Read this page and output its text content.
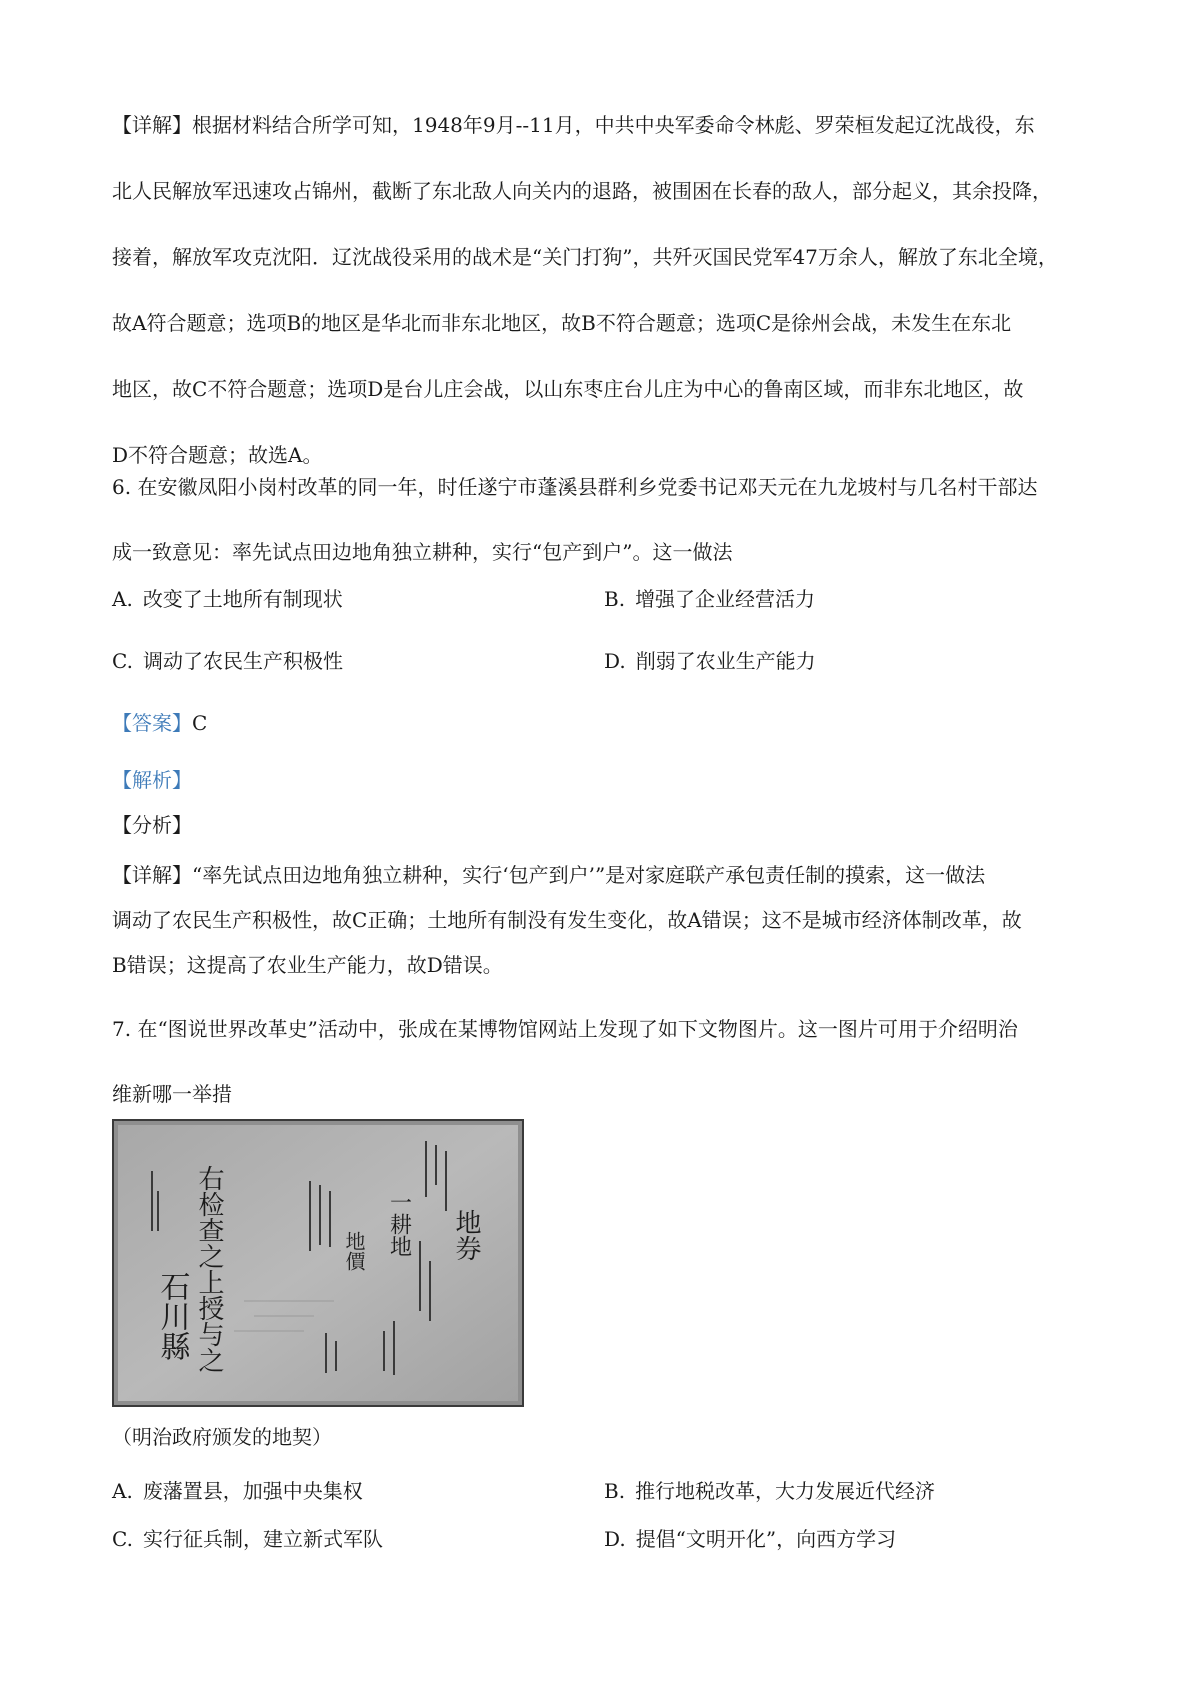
【详解】根据材料结合所学可知，1948年9月--11月，中共中央军委命令林彪、罗荣桓发起辽沈战役，东
北人民解放军迅速攻占锦州，截断了东北敌人向关内的退路，被围困在长春的敌人，部分起义，其余投降，
接着，解放军攻克沈阳．辽沈战役采用的战术是“关门打狗”，共歼灭国民党军47万余人，解放了东北全境，
故A符合题意；选项B的地区是华北而非东北地区，故B不符合题意；选项C是徐州会战，未发生在东北
地区，故C不符合题意；选项D是台儿庄会战，以山东枣庄台儿庄为中心的鲁南区域，而非东北地区，故
D不符合题意；故选A。
6. 在安徽凤阳小岗村改革的同一年，时任遂宁市蓬溪县群利乡党委书记邓天元在九龙坡村与几名村干部达
成一致意见：率先试点田边地角独立耕种，实行“包产到户”。这一做法
A. 改变了土地所有制现状	B. 增强了企业经营活力
C. 调动了农民生产积极性	D. 削弱了农业生产能力
【答案】C
【解析】
【分析】
【详解】“率先试点田边地角独立耕种，实行‘包产到户’”是对家庭联产承包责任制的摸索，这一做法
调动了农民生产积极性，故C正确；土地所有制没有发生变化，故A错误；这不是城市经济体制改革，故
B错误；这提高了农业生产能力，故D错误。
7. 在“图说世界改革史”活动中，张成在某博物馆网站上发现了如下文物图片。这一图片可用于介绍明治
维新哪一举措
右检查之上授与之
石川縣
地價 一耕地 地券
（明治政府颁发的地契）
A. 废藩置县，加强中央集权	B. 推行地税改革，大力发展近代经济
C. 实行征兵制，建立新式军队	D. 提倡“文明开化”，向西方学习
